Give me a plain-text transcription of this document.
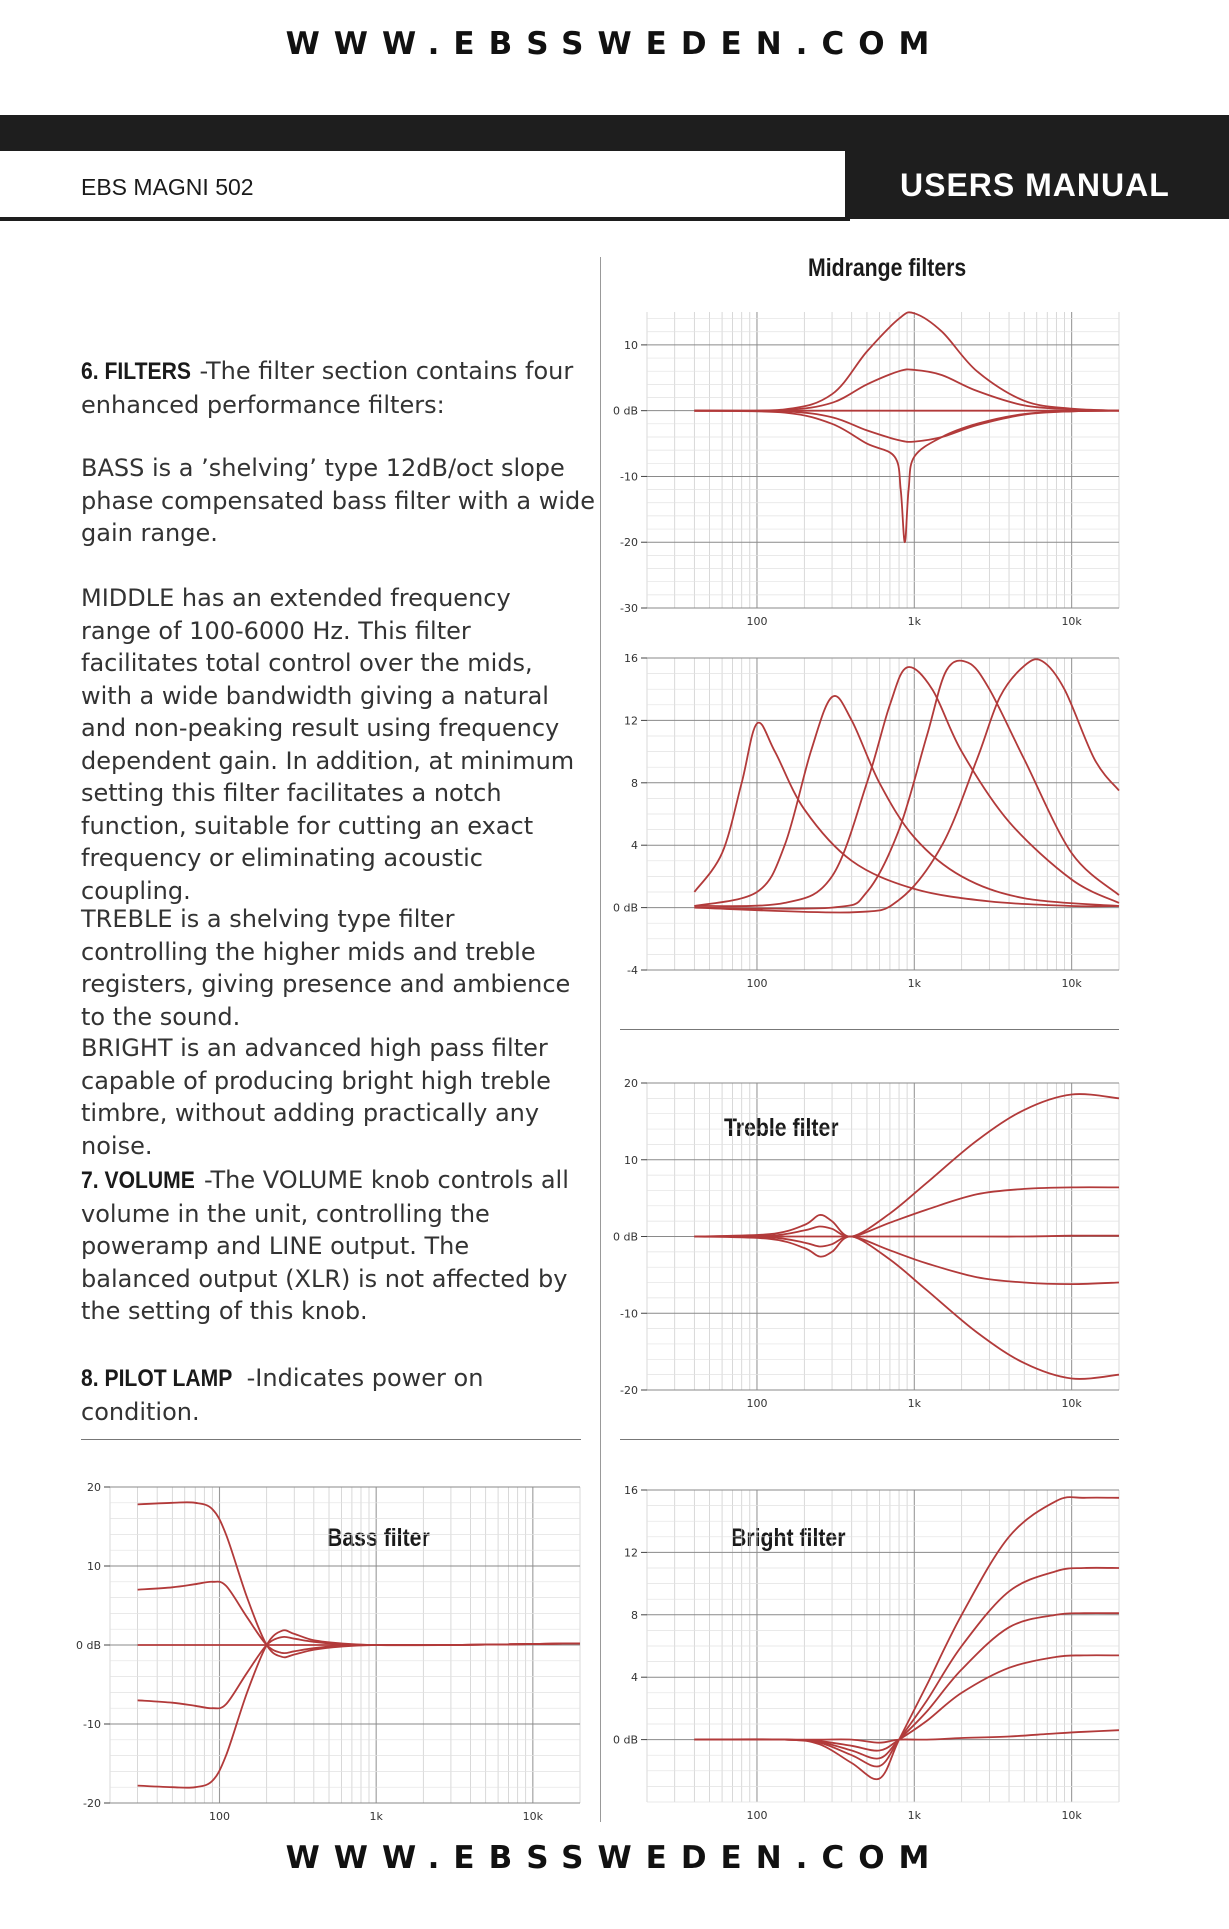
WWW.EBSSWEDEN.COM
EBS MAGNI 502	USERS MANUAL

6. FILTERS -The filter section contains four enhanced performance filters:

BASS is a ’shelving’ type 12dB/oct slope phase compensated bass filter with a wide gain range.
MIDDLE has an extended frequency range of 100-6000 Hz. This filter facilitates total control over the mids, with a wide bandwidth giving a natural and non-peaking result using frequency dependent gain. In addition, at minimum setting this filter facilitates a notch function, suitable for cutting an exact frequency or eliminating acoustic coupling.
TREBLE is a shelving type filter controlling the higher mids and treble registers, giving presence and ambience to the sound.
BRIGHT is an advanced high pass filter capable of producing bright high treble timbre, without adding practically any noise.

7. VOLUME -The VOLUME knob controls all volume in the unit, controlling the poweramp and LINE output. The balanced output (XLR) is not affected by the setting of this knob.

8. PILOT LAMP -Indicates power on condition.

Midrange filters
Treble filter
Bass filter	Bright filter
10
0 dB
-10
-20
-30
100	1k	10k
16
12
8
4
0 dB
-4
100	1k	10k
20
10
0 dB
-10
-20
100	1k	10k
20
10
0 dB
-10
-20
100	1k	10k
16
12
8
4
0 dB
100	1k	10k
WWW.EBSSWEDEN.COM
